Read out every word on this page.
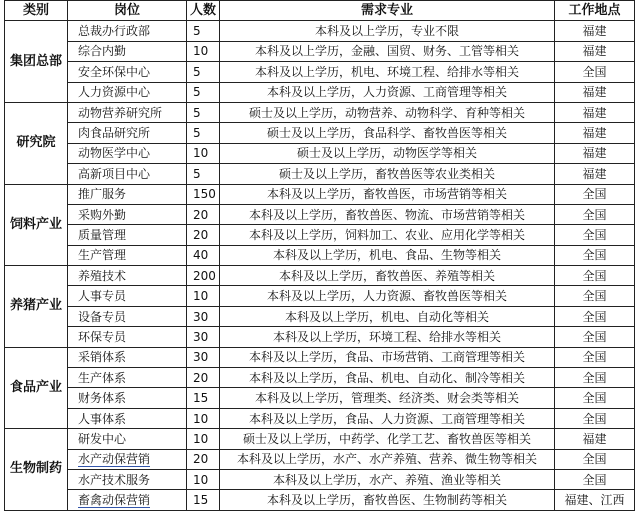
类别	岗位	人数	需求专业	工作地点
集团总部	总裁办行政部	5	本科及以上学历，专业不限	福建
	综合内勤	10	本科及以上学历，金融、国贸、财务、工管等相关	福建
	安全环保中心	5	本科及以上学历，机电、环境工程、给排水等相关	全国
	人力资源中心	5	本科及以上学历，人力资源、工商管理等相关	福建
研究院	动物营养研究所	5	硕士及以上学历，动物营养、动物科学、育种等相关	福建
	肉食品研究所	5	硕士及以上学历，食品科学、畜牧兽医等相关	福建
	动物医学中心	10	硕士及以上学历，动物医学等相关	福建
	高新项目中心	5	硕士及以上学历，畜牧兽医等农业类相关	福建
饲料产业	推广服务	150	本科及以上学历，畜牧兽医，市场营销等相关	全国
	采购外勤	20	本科及以上学历，畜牧兽医、物流、市场营销等相关	全国
	质量管理	20	本科及以上学历，饲料加工、农业、应用化学等相关	全国
	生产管理	40	本科及以上学历，机电、食品、生物等相关	全国
养猪产业	养殖技术	200	本科及以上学历，畜牧兽医、养殖等相关	全国
	人事专员	10	本科及以上学历，人力资源、畜牧兽医等相关	全国
	设备专员	30	本科及以上学历，机电、自动化等相关	全国
	环保专员	30	本科及以上学历，环境工程、给排水等相关	全国
食品产业	采销体系	30	本科及以上学历，食品、市场营销、工商管理等相关	全国
	生产体系	20	本科及以上学历，食品、机电、自动化、制冷等相关	全国
	财务体系	15	本科及以上学历，管理类、经济类、财会类等相关	全国
	人事体系	10	本科及以上学历，食品、人力资源、工商管理等相关	全国
生物制药	研发中心	10	硕士及以上学历，中药学、化学工艺、畜牧兽医等相关	福建
	水产动保营销	20	本科及以上学历，水产、水产养殖、营养、微生物等相关	全国
	水产技术服务	10	本科及以上学历，水产、养殖、渔业等相关	全国
	畜禽动保营销	15	本科及以上学历，畜牧兽医、生物制药等相关	福建、江西
